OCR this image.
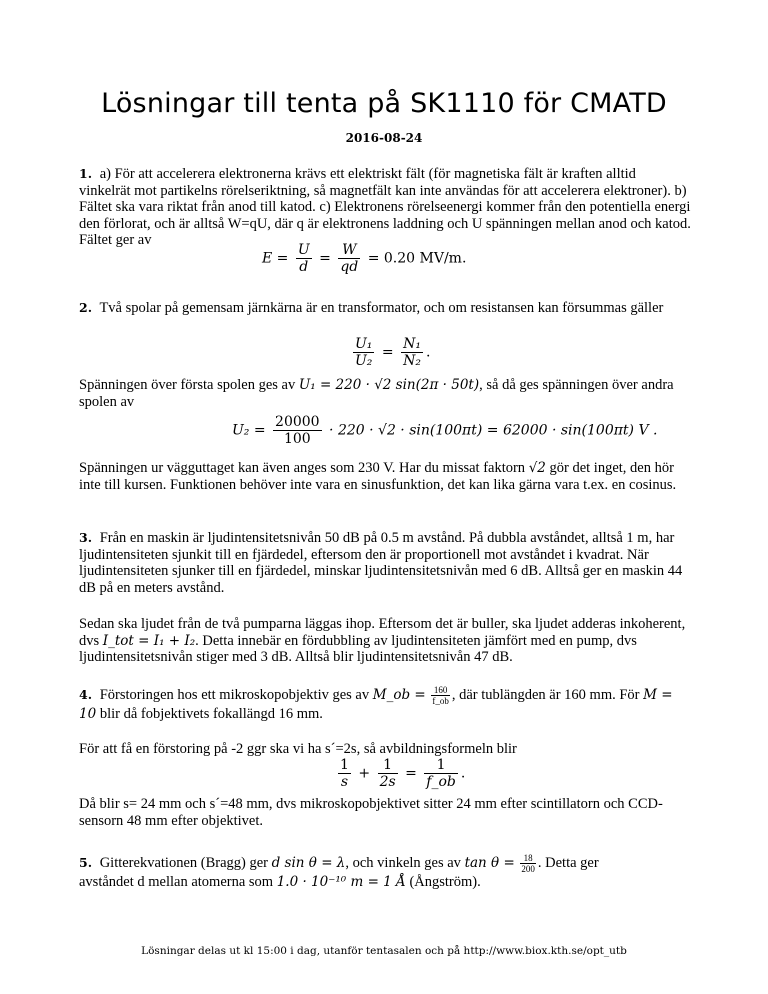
Lösningar till tenta på SK1110 för CMATD
2016-08-24
1. a) För att accelerera elektronerna krävs ett elektriskt fält (för magnetiska fält är kraften alltid vinkelrät mot partikelns rörelseriktning, så magnetfält kan inte användas för att accelerera elektroner). b) Fältet ska vara riktat från anod till katod. c) Elektronens rörelseenergi kommer från den potentiella energi den förlorat, och är alltså W=qU, där q är elektronens laddning och U spänningen mellan anod och katod. Fältet ger av
$E = \frac{U}{d} = \frac{W}{qd} = 0.20$ MV/m.
2. Två spolar på gemensam järnkärna är en transformator, och om resistansen kan försummas gäller
$\frac{\text{U₁}}{\text{U₂}} = \frac{\text{N₁}}{\text{N₂}}$ .
Spänningen över första spolen ges av U₁ = 220 · √2 sin(2π · 50t), så då ges spänningen över andra spolen av
$U_2 = \frac{20000}{100} \cdot 220 \cdot √2 \cdot \sin(100\pi t) = 62000 \cdot \sin(100\pi t)$ V .
Spänningen ur vägguttaget kan även anges som 230 V. Har du missat faktorn √2 gör det inget, den hör inte till kursen. Funktionen behöver inte vara en sinusfunktion, det kan lika gärna vara t.ex. en cosinus.
3. Från en maskin är ljudintensitetsnivån 50 dB på 0.5 m avstånd. På dubbla avståndet, alltså 1 m, har ljudintensiteten sjunkit till en fjärdedel, eftersom den är proportionell mot avståndet i kvadrat. När ljudintensiteten sjunker till en fjärdedel, minskar ljudintensitetsnivån med 6 dB. Alltså ger en maskin 44 dB på en meters avstånd.
Sedan ska ljudet från de två pumparna läggas ihop. Eftersom det är buller, ska ljudet adderas inkoherent, dvs I_tot = I₁ + I₂. Detta innebär en fördubbling av ljudintensiteten jämfört med en pump, dvs ljudintensitetsnivån stiger med 3 dB. Alltså blir ljudintensitetsnivån 47 dB.
4. Förstoringen hos ett mikroskopobjektiv ges av M_ob = $\frac{160}{f\_ob}$ , där tublängden är 160 mm. För M = 10 blir då fobjektivets fokallängd 16 mm.
För att få en förstoring på -2 ggr ska vi ha s´=2s, så avbildningsformeln blir
$\frac{1}{s} + \frac{1}{2s} = \frac{1}{f\_ob}$ .
Då blir s= 24 mm och s´=48 mm, dvs mikroskopobjektivet sitter 24 mm efter scintillatorn och CCD-sensorn 48 mm efter objektivet.
5. Gitterekvationen (Bragg) ger d sin θ = λ, och vinkeln ges av $\tan \theta = \frac{18}{200}$ . Detta ger
avståndet d mellan atomerna som 1.0 · 10⁻¹⁰ m = 1 Å (Ångström).
Lösningar delas ut kl 15:00 i dag, utanför tentasalen och på http://www.biox.kth.se/opt_utb
